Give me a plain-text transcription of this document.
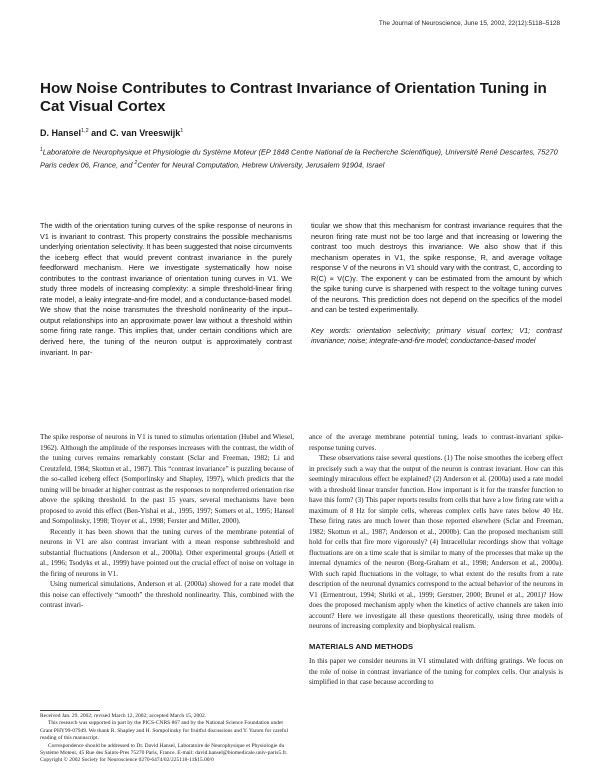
The Journal of Neuroscience, June 15, 2002, 22(12):5118–5128
How Noise Contributes to Contrast Invariance of Orientation Tuning in Cat Visual Cortex
D. Hansel$^{1,2}$ and C. van Vreeswijk$^1$
$^1$Laboratoire de Neurophysique et Physiologie du Système Moteur (EP 1848 Centre National de la Recherche Scientifique), Université René Descartes, 75270 Paris cedex 06, France, and $^2$Center for Neural Computation, Hebrew University, Jerusalem 91904, Israel
The width of the orientation tuning curves of the spike response of neurons in V1 is invariant to contrast. This property constrains the possible mechanisms underlying orientation selectivity. It has been suggested that noise circumvents the iceberg effect that would prevent contrast invariance in the purely feedforward mechanism. Here we investigate systematically how noise contributes to the contrast invariance of orientation tuning curves in V1. We study three models of increasing complexity: a simple threshold-linear firing rate model, a leaky integrate-and-fire model, and a conductance-based model. We show that the noise transmutes the threshold nonlinearity of the input–output relationships into an approximate power law without a threshold within some firing rate range. This implies that, under certain conditions which are derived here, the tuning of the neuron output is approximately contrast invariant. In par-
ticular we show that this mechanism for contrast invariance requires that the neuron firing rate must not be too large and that increasing or lowering the contrast too much destroys this invariance. We also show that if this mechanism operates in V1, the spike response, R, and average voltage response V of the neurons in V1 should vary with the contrast, C, according to R(C) ∝ V(C)γ. The exponent γ can be estimated from the amount by which the spike tuning curve is sharpened with respect to the voltage tuning curves of the neurons. This prediction does not depend on the specifics of the model and can be tested experimentally.
Key words: orientation selectivity; primary visual cortex; V1; contrast invariance; noise; integrate-and-fire model; conductance-based model

The spike response of neurons in V1 is tuned to stimulus orientation (Hubel and Wiesel, 1962). Although the amplitude of the responses increases with the contrast, the width of the tuning curves remains remarkably constant (Sclar and Freeman, 1982; Li and Creutzfeld, 1984; Skottun et al., 1987). This “contrast invariance” is puzzling because of the so-called iceberg effect (Somporlinsky and Shapley, 1997), which predicts that the tuning will be broader at higher contrast as the responses to nonpreferred orientation rise above the spiking threshold. In the past 15 years, several mechanisms have been proposed to avoid this effect (Ben-Yishai et al., 1995, 1997; Somers et al., 1995; Hansel and Sompolinsky, 1998; Troyer et al., 1998; Ferster and Miller, 2000).

Recently it has been shown that the tuning curves of the membrane potential of neurons in V1 are also contrast invariant with a mean response subthreshold and substantial fluctuations (Anderson et al., 2000a). Other experimental groups (Atiell et al., 1996; Tsodyks et al., 1999) have pointed out the crucial effect of noise on voltage in the firing of neurons in V1.

Using numerical simulations, Anderson et al. (2000a) showed for a rate model that this noise can effectively “smooth” the threshold nonlinearity. This, combined with the contrast invari-

ance of the average membrane potential tuning, leads to contrast-invariant spike-response tuning curves.

These observations raise several questions. (1) The noise smoothes the iceberg effect in precisely such a way that the output of the neuron is contrast invariant. How can this seemingly miraculous effect be explained? (2) Anderson et al. (2000a) used a rate model with a threshold linear transfer function. How important is it for the transfer function to have this form? (3) This paper reports results from cells that have a low firing rate with a maximum of 8 Hz for simple cells, whereas complex cells have rates below 40 Hz. These firing rates are much lower than those reported elsewhere (Sclar and Freeman, 1982; Skottun et al., 1987; Anderson et al., 2000b). Can the proposed mechanism still hold for cells that fire more vigorously? (4) Intracellular recordings show that voltage fluctuations are on a time scale that is similar to many of the processes that make up the internal dynamics of the neuron (Borg-Graham et al., 1998; Anderson et al., 2000a). With such rapid fluctuations in the voltage, to what extent do the results from a rate description of the neuronal dynamics correspond to the actual behavior of the neurons in V1 (Ermentrout, 1994; Shriki et al., 1999; Gerstner, 2000; Brunel et al., 2001)? How does the proposed mechanism apply when the kinetics of active channels are taken into account? Here we investigate all these questions theoretically, using three models of neurons of increasing complexity and biophysical realism.

MATERIALS AND METHODS

In this paper we consider neurons in V1 stimulated with drifting gratings. We focus on the role of noise in contrast invariance of the tuning for complex cells. Our analysis is simplified in that case because according to

Received Jan. 29, 2002; revised March 12, 2002; accepted March 15, 2002.

This research was supported in part by the PICS-CNRS 867 and by the National Science Foundation under Grant PHY99-07949. We thank R. Shapley and H. Sompolinsky for fruitful discussions and Y. Yarom for careful reading of this manuscript.

Correspondence should be addressed to Dr. David Hansel, Laboratoire de Neurophysique et Physiologie du Système Moteur, 45 Rue des Saints-Pres 75270 Paris, France. E-mail: david.hansel@biomedicale.univ-paris5.fr.

Copyright © 2002 Society for Neuroscience 0270-6474/02/225118-11$15.00/0
